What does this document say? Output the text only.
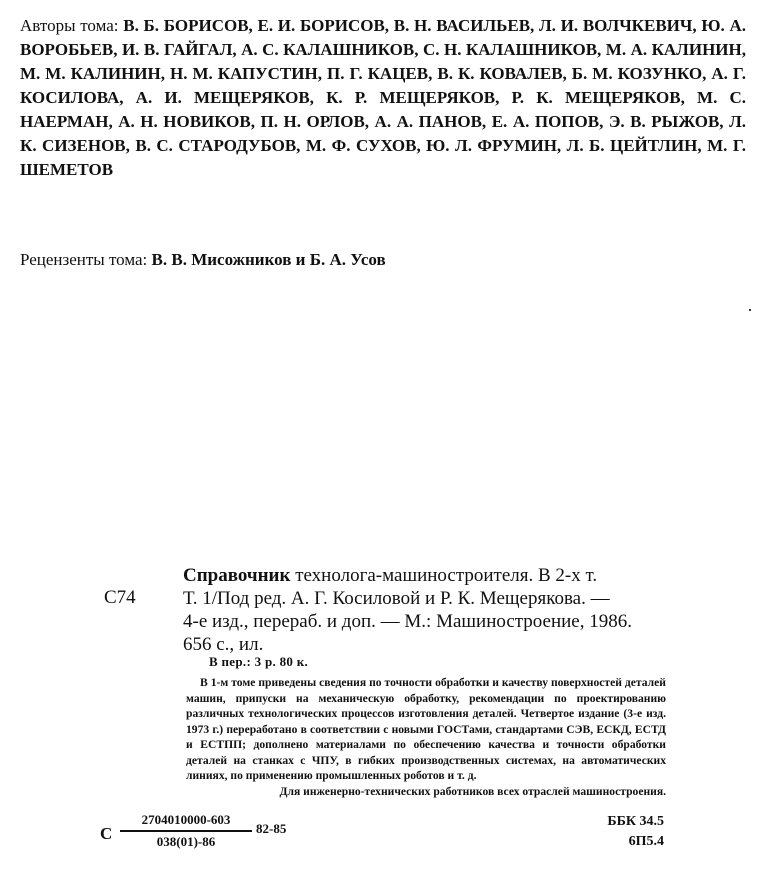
Авторы тома: В. Б. БОРИСОВ, Е. И. БОРИСОВ, В. Н. ВАСИЛЬЕВ, Л. И. ВОЛЧКЕВИЧ, Ю. А. ВОРОБЬЕВ, И. В. ГАЙГАЛ, А. С. КАЛАШНИКОВ, С. Н. КАЛАШНИКОВ, М. А. КАЛИНИН, М. М. КАЛИНИН, Н. М. КАПУСТИН, П. Г. КАЦЕВ, В. К. КОВАЛЕВ, Б. М. КОЗУНКО, А. Г. КОСИЛОВА, А. И. МЕЩЕРЯКОВ, К. Р. МЕЩЕРЯКОВ, Р. К. МЕЩЕРЯКОВ, М. С. НАЕРМАН, А. Н. НОВИКОВ, П. Н. ОРЛОВ, А. А. ПАНОВ, Е. А. ПОПОВ, Э. В. РЫЖОВ, Л. К. СИЗЕНОВ, В. С. СТАРОДУБОВ, М. Ф. СУХОВ, Ю. Л. ФРУМИН, Л. Б. ЦЕЙТЛИН, М. Г. ШЕМЕТОВ
Рецензенты тома: В. В. Мисожников и Б. А. Усов
С74
Справочник технолога-машиностроителя. В 2-х т.
Т. 1/Под ред. А. Г. Косиловой и Р. К. Мещерякова. —
4-е изд., перераб. и доп. — М.: Машиностроение, 1986.
656 с., ил.
В пер.: 3 р. 80 к.

В 1-м томе приведены сведения по точности обработки и качеству поверхностей деталей машин, припуски на механическую обработку, рекомендации по проектированию различных технологических процессов изготовления деталей. Четвертое издание (3-е изд. 1973 г.) переработано в соответствии с новыми ГОСТами, стандартами СЭВ, ЕСКД, ЕСТД и ЕСТПП; дополнено материалами по обеспечению качества и точности обработки деталей на станках с ЧПУ, в гибких производственных системах, на автоматических линиях, по применению промышленных роботов и т. д.

Для инженерно-технических работников всех отраслей машиностроения.

С
2704010000-603
038(01)-86
82-85	ББК 34.5
6П5.4
